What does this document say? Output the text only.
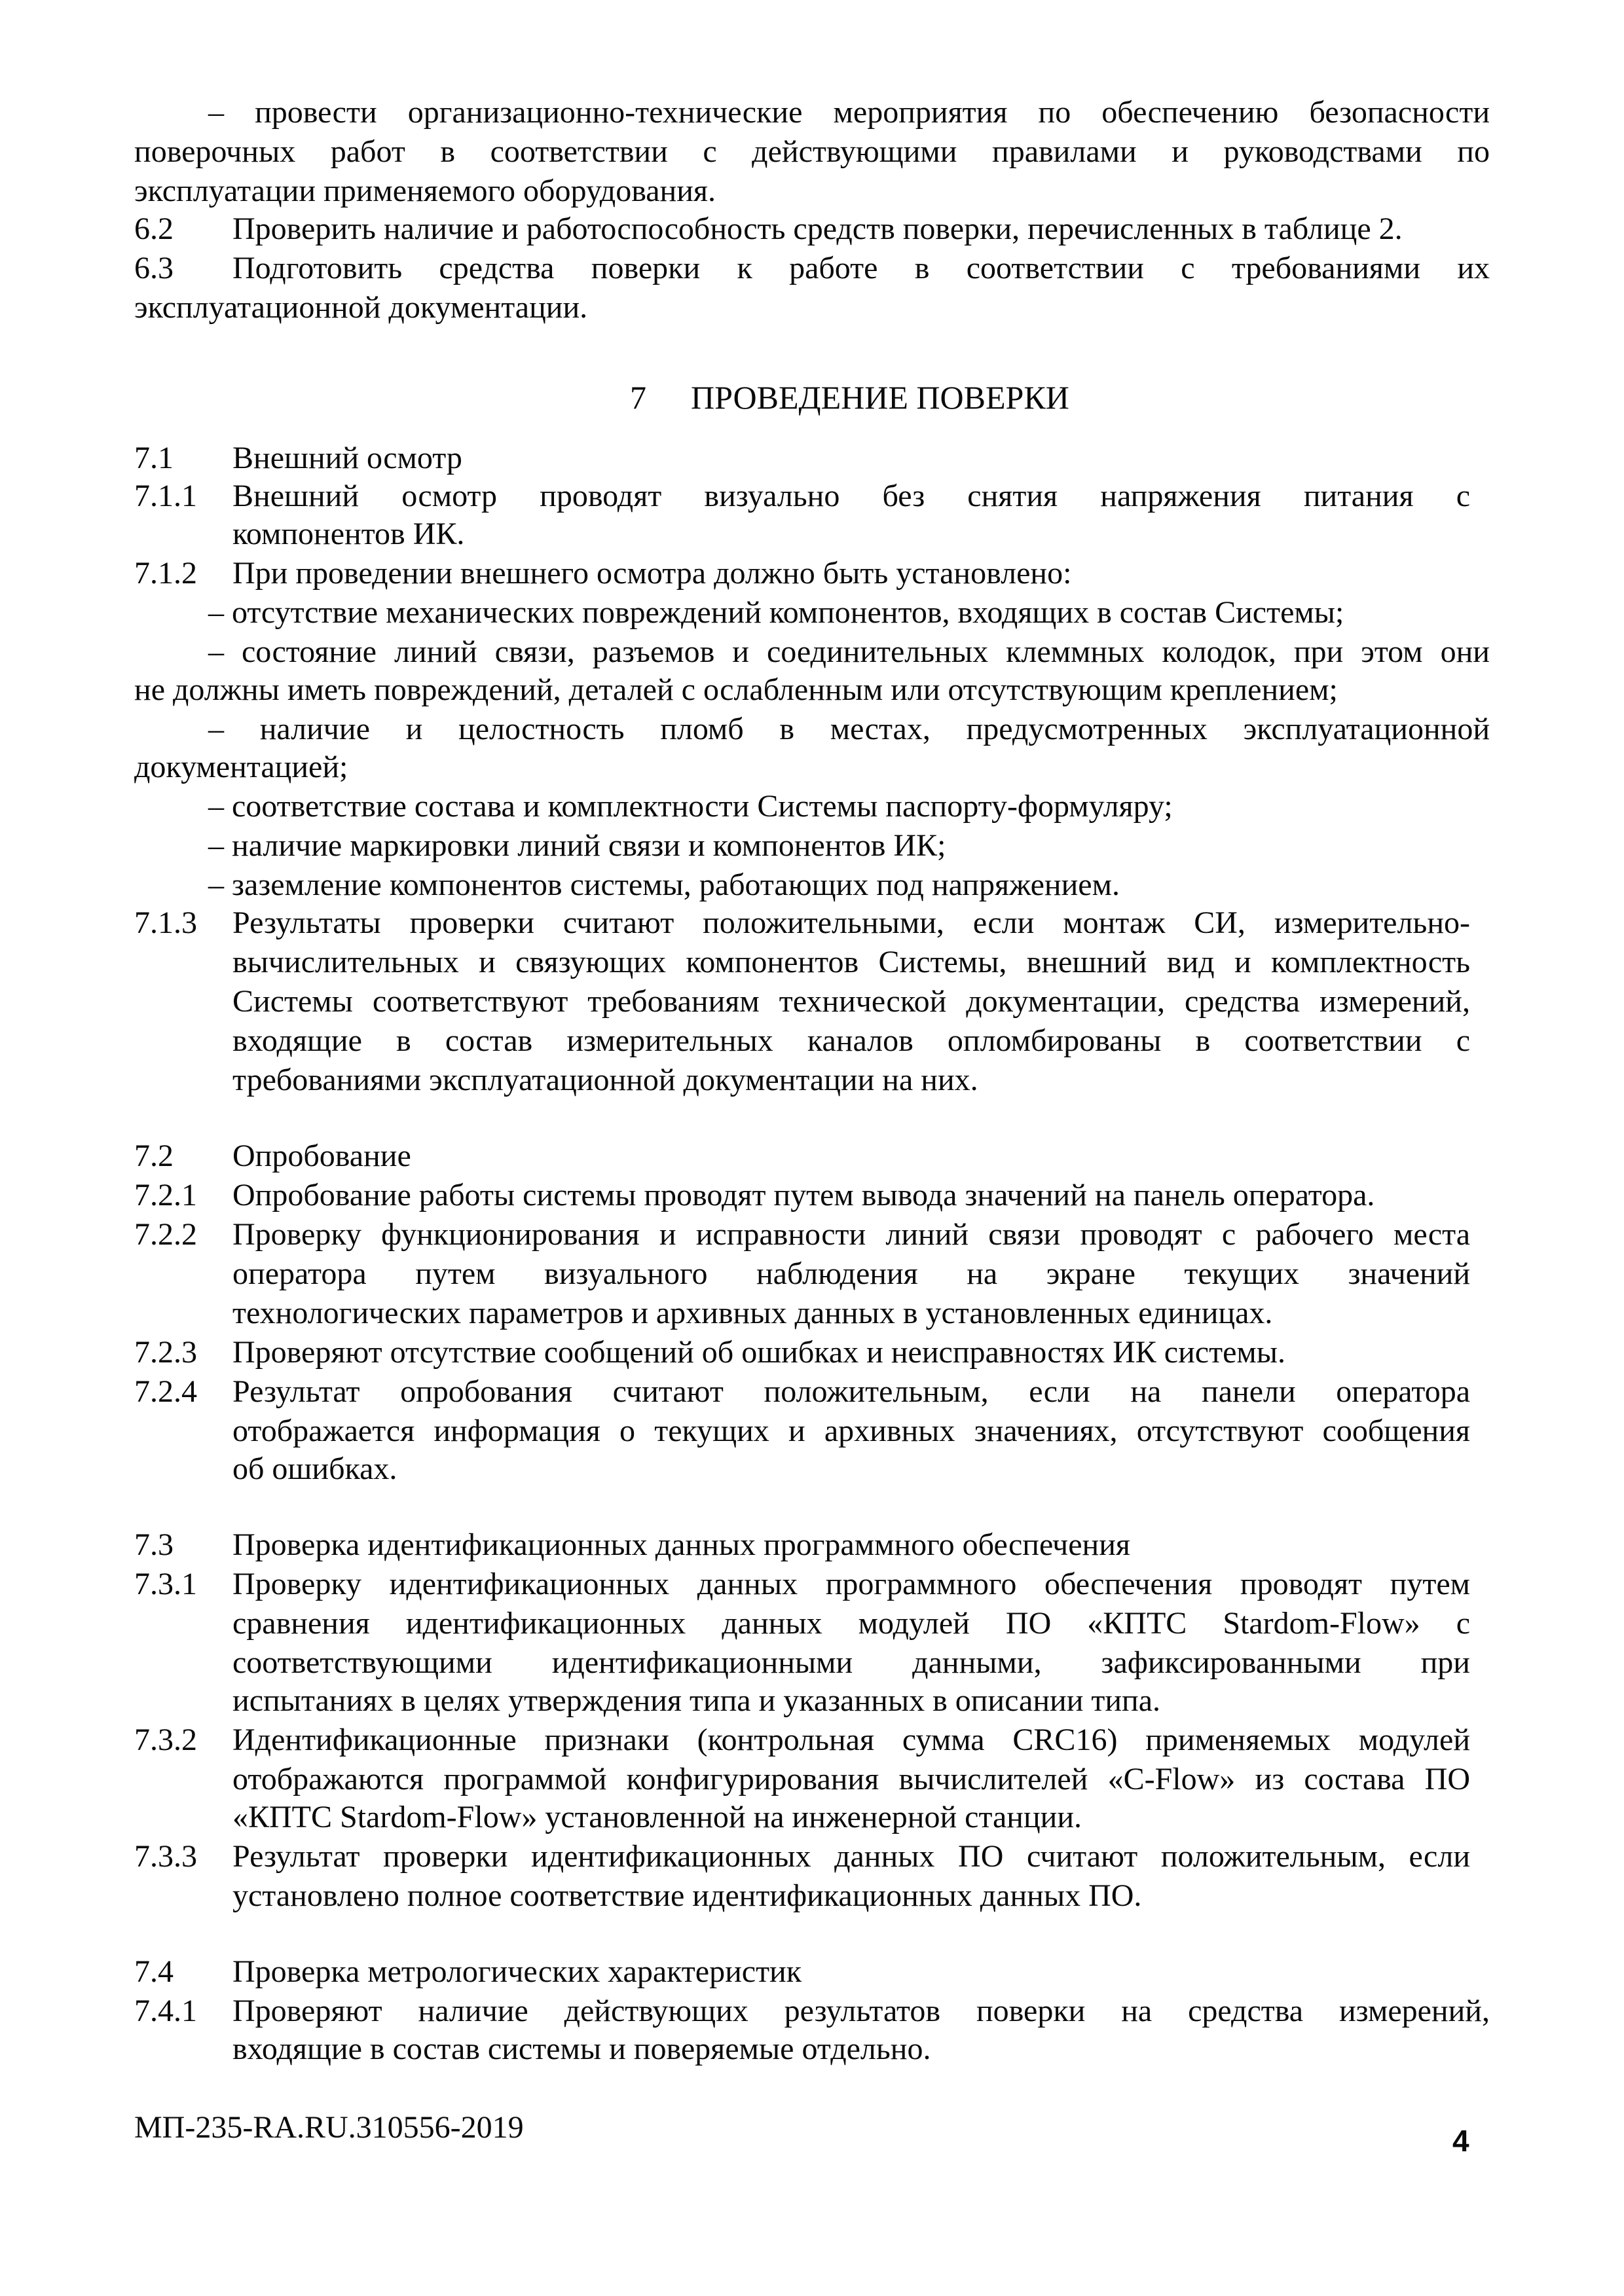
– провести организационно-технические мероприятия по обеспечению безопасности
поверочных работ в соответствии с действующими правилами и руководствами по
эксплуатации применяемого оборудования.
6.2 Проверить наличие и работоспособность средств поверки, перечисленных в таблице 2.
6.3 Подготовить средства поверки к работе в соответствии с требованиями их
эксплуатационной документации.
7 ПРОВЕДЕНИЕ ПОВЕРКИ
7.1 Внешний осмотр
7.1.1 Внешний осмотр проводят визуально без снятия напряжения питания с
компонентов ИК.
7.1.2 При проведении внешнего осмотра должно быть установлено:
– отсутствие механических повреждений компонентов, входящих в состав Системы;
– состояние линий связи, разъемов и соединительных клеммных колодок, при этом они
не должны иметь повреждений, деталей с ослабленным или отсутствующим креплением;
– наличие и целостность пломб в местах, предусмотренных эксплуатационной
документацией;
– соответствие состава и комплектности Системы паспорту-формуляру;
– наличие маркировки линий связи и компонентов ИК;
– заземление компонентов системы, работающих под напряжением.
7.1.3 Результаты проверки считают положительными, если монтаж СИ, измерительно-
вычислительных и связующих компонентов Системы, внешний вид и комплектность
Системы соответствуют требованиям технической документации, средства измерений,
входящие в состав измерительных каналов опломбированы в соответствии с
требованиями эксплуатационной документации на них.
7.2 Опробование
7.2.1 Опробование работы системы проводят путем вывода значений на панель оператора.
7.2.2 Проверку функционирования и исправности линий связи проводят с рабочего места
оператора путем визуального наблюдения на экране текущих значений
технологических параметров и архивных данных в установленных единицах.
7.2.3 Проверяют отсутствие сообщений об ошибках и неисправностях ИК системы.
7.2.4 Результат опробования считают положительным, если на панели оператора
отображается информация о текущих и архивных значениях, отсутствуют сообщения
об ошибках.
7.3 Проверка идентификационных данных программного обеспечения
7.3.1 Проверку идентификационных данных программного обеспечения проводят путем
сравнения идентификационных данных модулей ПО «КПТС Stardom-Flow» с
соответствующими идентификационными данными, зафиксированными при
испытаниях в целях утверждения типа и указанных в описании типа.
7.3.2 Идентификационные признаки (контрольная сумма CRC16) применяемых модулей
отображаются программой конфигурирования вычислителей «C-Flow» из состава ПО
«КПТС Stardom-Flow» установленной на инженерной станции.
7.3.3 Результат проверки идентификационных данных ПО считают положительным, если
установлено полное соответствие идентификационных данных ПО.
7.4 Проверка метрологических характеристик
7.4.1 Проверяют наличие действующих результатов поверки на средства измерений,
входящие в состав системы и поверяемые отдельно.
МП-235-RA.RU.310556-2019	4
